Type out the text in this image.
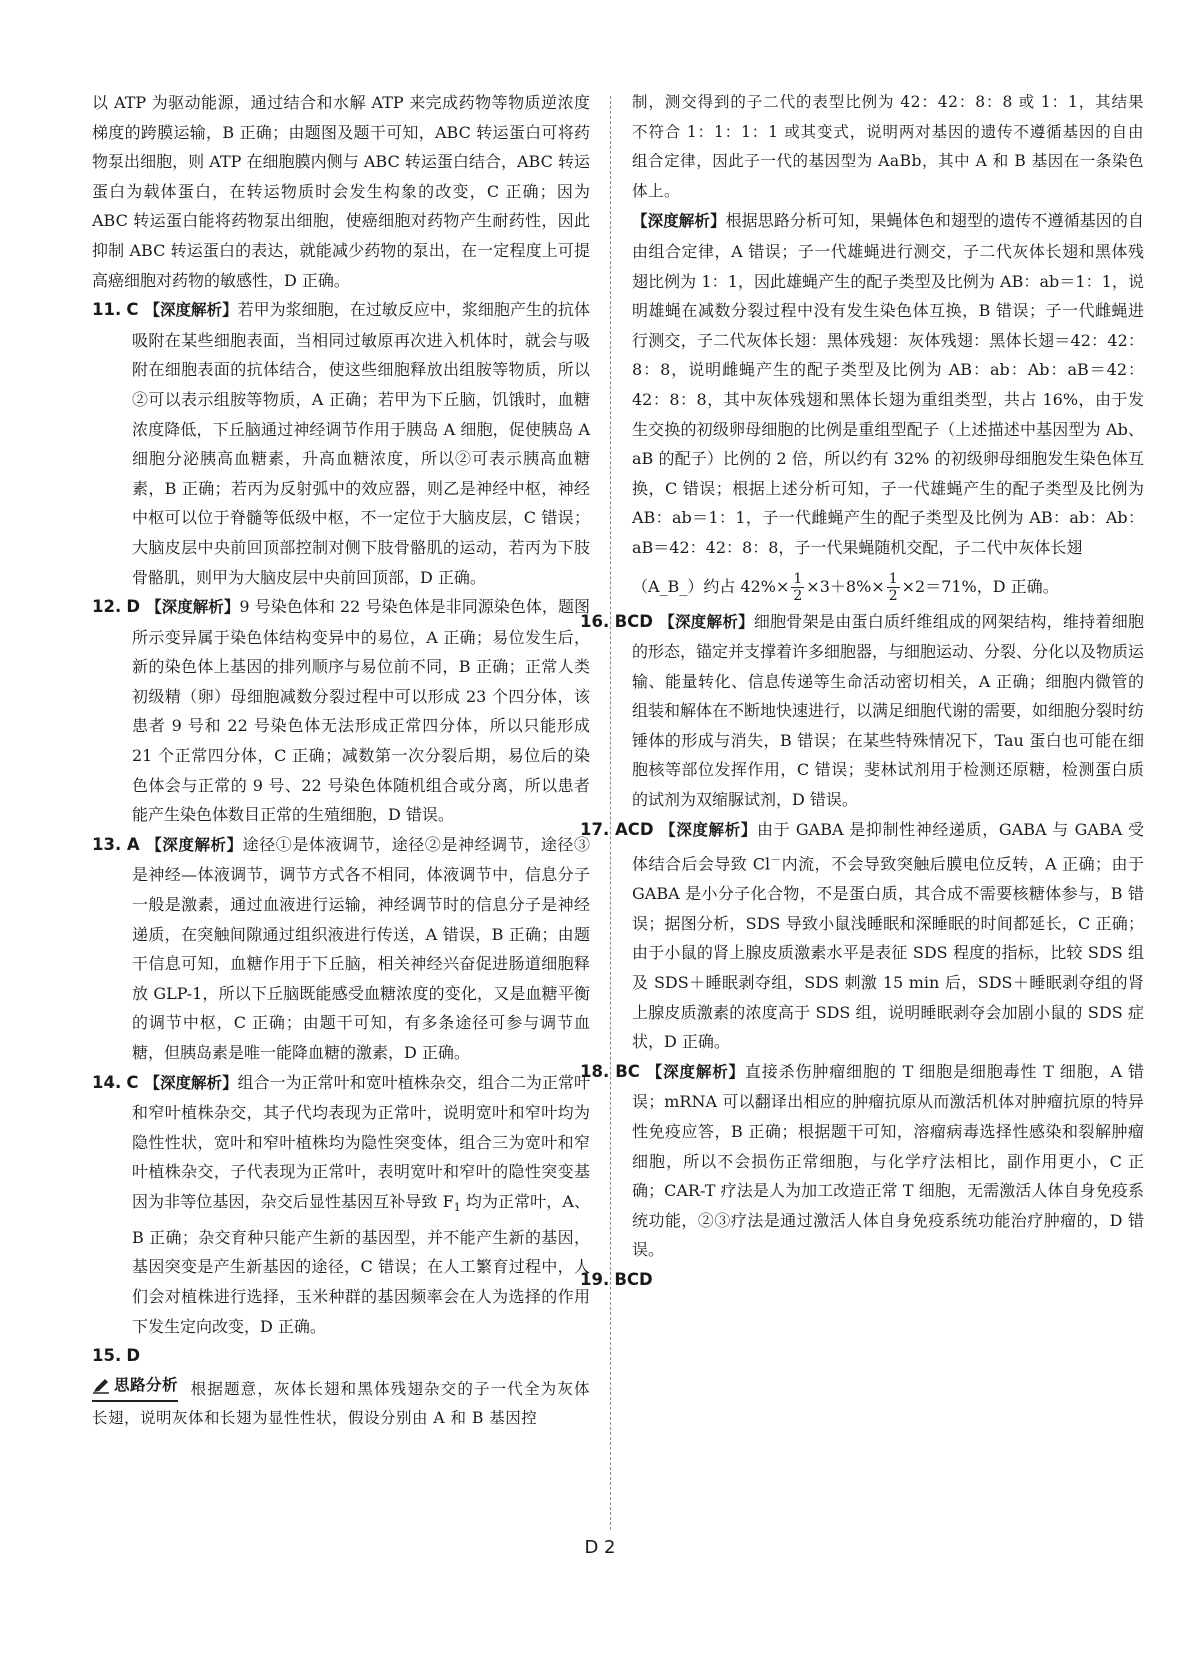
以 ATP 为驱动能源，通过结合和水解 ATP 来完成药物等物质逆浓度梯度的跨膜运输，B 正确；由题图及题干可知，ABC 转运蛋白可将药物泵出细胞，则 ATP 在细胞膜内侧与 ABC 转运蛋白结合，ABC 转运蛋白为载体蛋白，在转运物质时会发生构象的改变，C 正确；因为 ABC 转运蛋白能将药物泵出细胞，使癌细胞对药物产生耐药性，因此抑制 ABC 转运蛋白的表达，就能减少药物的泵出，在一定程度上可提高癌细胞对药物的敏感性，D 正确。

11. C 【深度解析】若甲为浆细胞，在过敏反应中，浆细胞产生的抗体吸附在某些细胞表面，当相同过敏原再次进入机体时，就会与吸附在细胞表面的抗体结合，使这些细胞释放出组胺等物质，所以②可以表示组胺等物质，A 正确；若甲为下丘脑，饥饿时，血糖浓度降低，下丘脑通过神经调节作用于胰岛 A 细胞，促使胰岛 A 细胞分泌胰高血糖素，升高血糖浓度，所以②可表示胰高血糖素，B 正确；若丙为反射弧中的效应器，则乙是神经中枢，神经中枢可以位于脊髓等低级中枢，不一定位于大脑皮层，C 错误；大脑皮层中央前回顶部控制对侧下肢骨骼肌的运动，若丙为下肢骨骼肌，则甲为大脑皮层中央前回顶部，D 正确。

12. D 【深度解析】9 号染色体和 22 号染色体是非同源染色体，题图所示变异属于染色体结构变异中的易位，A 正确；易位发生后，新的染色体上基因的排列顺序与易位前不同，B 正确；正常人类初级精（卵）母细胞减数分裂过程中可以形成 23 个四分体，该患者 9 号和 22 号染色体无法形成正常四分体，所以只能形成 21 个正常四分体，C 正确；减数第一次分裂后期，易位后的染色体会与正常的 9 号、22 号染色体随机组合或分离，所以患者能产生染色体数目正常的生殖细胞，D 错误。

13. A 【深度解析】途径①是体液调节，途径②是神经调节，途径③是神经—体液调节，调节方式各不相同，体液调节中，信息分子一般是激素，通过血液进行运输，神经调节时的信息分子是神经递质，在突触间隙通过组织液进行传送，A 错误，B 正确；由题干信息可知，血糖作用于下丘脑，相关神经兴奋促进肠道细胞释放 GLP-1，所以下丘脑既能感受血糖浓度的变化，又是血糖平衡的调节中枢，C 正确；由题干可知，有多条途径可参与调节血糖，但胰岛素是唯一能降血糖的激素，D 正确。

14. C 【深度解析】组合一为正常叶和宽叶植株杂交，组合二为正常叶和窄叶植株杂交，其子代均表现为正常叶，说明宽叶和窄叶均为隐性性状，宽叶和窄叶植株均为隐性突变体，组合三为宽叶和窄叶植株杂交，子代表现为正常叶，表明宽叶和窄叶的隐性突变基因为非等位基因，杂交后显性基因互补导致 $F_1$ 均为正常叶，A、B 正确；杂交育种只能产生新的基因型，并不能产生新的基因，基因突变是产生新基因的途径，C 错误；在人工繁育过程中，人们会对植株进行选择，玉米种群的基因频率会在人为选择的作用下发生定向改变，D 正确。

15. D

思路分析 根据题意，灰体长翅和黑体残翅杂交的子一代全为灰体长翅，说明灰体和长翅为显性性状，假设分别由 A 和 B 基因控

制，测交得到的子二代的表型比例为 42：42：8：8 或 1：1，其结果不符合 1：1：1：1 或其变式，说明两对基因的遗传不遵循基因的自由组合定律，因此子一代的基因型为 AaBb，其中 A 和 B 基因在一条染色体上。

【深度解析】根据思路分析可知，果蝇体色和翅型的遗传不遵循基因的自由组合定律，A 错误；子一代雄蝇进行测交，子二代灰体长翅和黑体残翅比例为 1：1，因此雄蝇产生的配子类型及比例为 AB：ab＝1：1，说明雄蝇在减数分裂过程中没有发生染色体互换，B 错误；子一代雌蝇进行测交，子二代灰体长翅：黑体残翅：灰体残翅：黑体长翅＝42：42：8：8，说明雌蝇产生的配子类型及比例为 AB：ab：Ab：aB＝42：42：8：8，其中灰体残翅和黑体长翅为重组类型，共占 16%，由于发生交换的初级卵母细胞的比例是重组型配子（上述描述中基因型为 Ab、aB 的配子）比例的 2 倍，所以约有 32% 的初级卵母细胞发生染色体互换，C 错误；根据上述分析可知，子一代雄蝇产生的配子类型及比例为 AB：ab＝1：1，子一代雌蝇产生的配子类型及比例为 AB：ab：Ab：aB＝42：42：8：8，子一代果蝇随机交配，子二代中灰体长翅

（A_B_）约占 $42\%\times \frac{1}{2} \times 3+8\%\times \frac{1}{2} \times 2=71\%$，D 正确。

16. BCD 【深度解析】细胞骨架是由蛋白质纤维组成的网架结构，维持着细胞的形态，锚定并支撑着许多细胞器，与细胞运动、分裂、分化以及物质运输、能量转化、信息传递等生命活动密切相关，A 正确；细胞内微管的组装和解体在不断地快速进行，以满足细胞代谢的需要，如细胞分裂时纺锤体的形成与消失，B 错误；在某些特殊情况下，Tau 蛋白也可能在细胞核等部位发挥作用，C 错误；斐林试剂用于检测还原糖，检测蛋白质的试剂为双缩脲试剂，D 错误。

17. ACD 【深度解析】由于 GABA 是抑制性神经递质，GABA 与 GABA 受体结合后会导致 Cl－内流，不会导致突触后膜电位反转，A 正确；由于 GABA 是小分子化合物，不是蛋白质，其合成不需要核糖体参与，B 错误；据图分析，SDS 导致小鼠浅睡眠和深睡眠的时间都延长，C 正确；由于小鼠的肾上腺皮质激素水平是表征 SDS 程度的指标，比较 SDS 组及 SDS＋睡眠剥夺组，SDS 刺激 15 min 后，SDS＋睡眠剥夺组的肾上腺皮质激素的浓度高于 SDS 组，说明睡眠剥夺会加剧小鼠的 SDS 症状，D 正确。

18. BC 【深度解析】直接杀伤肿瘤细胞的 T 细胞是细胞毒性 T 细胞，A 错误；mRNA 可以翻译出相应的肿瘤抗原从而激活机体对肿瘤抗原的特异性免疫应答，B 正确；根据题干可知，溶瘤病毒选择性感染和裂解肿瘤细胞，所以不会损伤正常细胞，与化学疗法相比，副作用更小，C 正确；CAR-T 疗法是人为加工改造正常 T 细胞，无需激活人体自身免疫系统功能，②③疗法是通过激活人体自身免疫系统功能治疗肿瘤的，D 错误。

19. BCD

D 2
